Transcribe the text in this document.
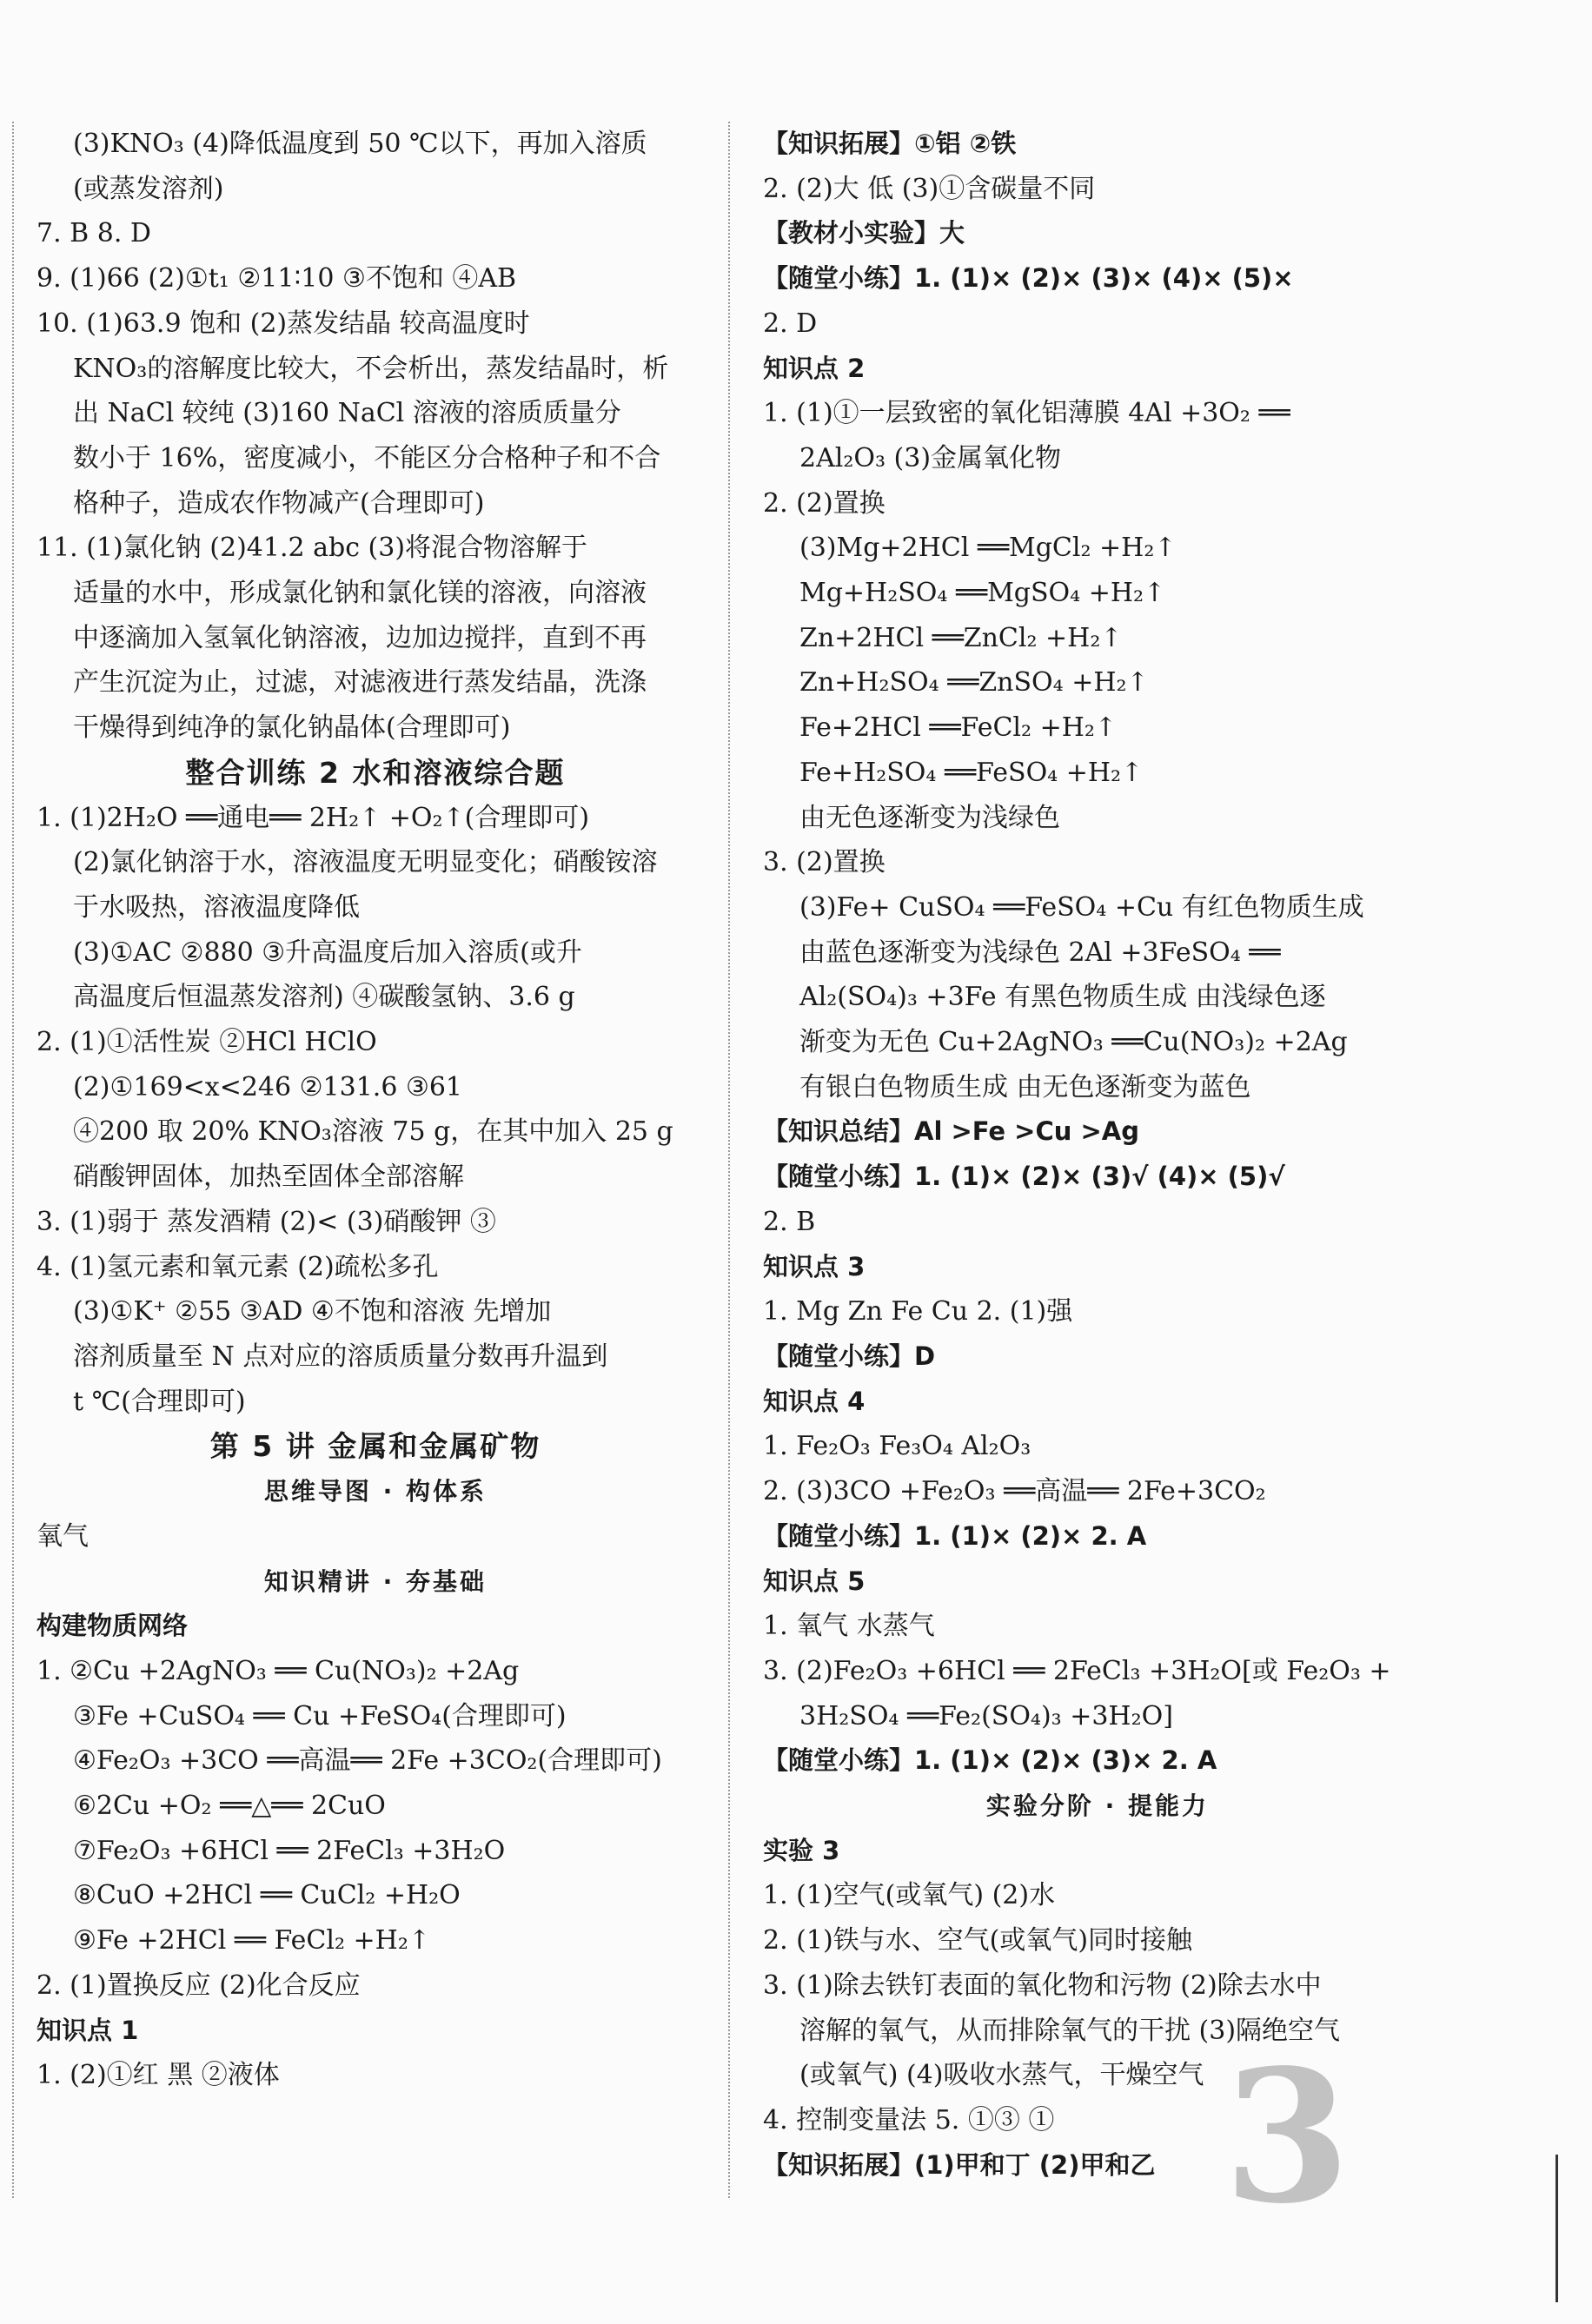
(3)KNO₃ (4)降低温度到 50 ℃以下，再加入溶质
(或蒸发溶剂)
7. B 8. D
9. (1)66 (2)①t₁ ②11∶10 ③不饱和 ④AB
10. (1)63.9 饱和 (2)蒸发结晶 较高温度时
KNO₃的溶解度比较大，不会析出，蒸发结晶时，析
出 NaCl 较纯 (3)160 NaCl 溶液的溶质质量分
数小于 16%，密度减小，不能区分合格种子和不合
格种子，造成农作物减产(合理即可)
11. (1)氯化钠 (2)41.2 abc (3)将混合物溶解于
适量的水中，形成氯化钠和氯化镁的溶液，向溶液
中逐滴加入氢氧化钠溶液，边加边搅拌，直到不再
产生沉淀为止，过滤，对滤液进行蒸发结晶，洗涤
干燥得到纯净的氯化钠晶体(合理即可)
整合训练 2 水和溶液综合题
1. (1)2H₂O ══通电══ 2H₂↑ +O₂↑(合理即可)
(2)氯化钠溶于水，溶液温度无明显变化；硝酸铵溶
于水吸热，溶液温度降低
(3)①AC ②880 ③升高温度后加入溶质(或升
高温度后恒温蒸发溶剂) ④碳酸氢钠、3.6 g
2. (1)①活性炭 ②HCl HClO
(2)①169<x<246 ②131.6 ③61
④200 取 20% KNO₃溶液 75 g，在其中加入 25 g
硝酸钾固体，加热至固体全部溶解
3. (1)弱于 蒸发酒精 (2)< (3)硝酸钾 ③
4. (1)氢元素和氧元素 (2)疏松多孔
(3)①K⁺ ②55 ③AD ④不饱和溶液 先增加
溶剂质量至 N 点对应的溶质质量分数再升温到
t ℃(合理即可)
第 5 讲 金属和金属矿物
思维导图 · 构体系
氧气
知识精讲 · 夯基础
构建物质网络
1. ②Cu +2AgNO₃ ══ Cu(NO₃)₂ +2Ag
③Fe +CuSO₄ ══ Cu +FeSO₄(合理即可)
④Fe₂O₃ +3CO ══高温══ 2Fe +3CO₂(合理即可)
⑥2Cu +O₂ ══△══ 2CuO
⑦Fe₂O₃ +6HCl ══ 2FeCl₃ +3H₂O
⑧CuO +2HCl ══ CuCl₂ +H₂O
⑨Fe +2HCl ══ FeCl₂ +H₂↑
2. (1)置换反应 (2)化合反应
知识点 1
1. (2)①红 黑 ②液体
【知识拓展】①铝 ②铁
2. (2)大 低 (3)①含碳量不同
【教材小实验】大
【随堂小练】1. (1)× (2)× (3)× (4)× (5)×
2. D
知识点 2
1. (1)①一层致密的氧化铝薄膜 4Al +3O₂ ══
2Al₂O₃ (3)金属氧化物
2. (2)置换
(3)Mg+2HCl ══MgCl₂ +H₂↑
Mg+H₂SO₄ ══MgSO₄ +H₂↑
Zn+2HCl ══ZnCl₂ +H₂↑
Zn+H₂SO₄ ══ZnSO₄ +H₂↑
Fe+2HCl ══FeCl₂ +H₂↑
Fe+H₂SO₄ ══FeSO₄ +H₂↑
由无色逐渐变为浅绿色
3. (2)置换
(3)Fe+ CuSO₄ ══FeSO₄ +Cu 有红色物质生成
由蓝色逐渐变为浅绿色 2Al +3FeSO₄ ══
Al₂(SO₄)₃ +3Fe 有黑色物质生成 由浅绿色逐
渐变为无色 Cu+2AgNO₃ ══Cu(NO₃)₂ +2Ag
有银白色物质生成 由无色逐渐变为蓝色
【知识总结】Al >Fe >Cu >Ag
【随堂小练】1. (1)× (2)× (3)√ (4)× (5)√
2. B
知识点 3
1. Mg Zn Fe Cu 2. (1)强
【随堂小练】D
知识点 4
1. Fe₂O₃ Fe₃O₄ Al₂O₃
2. (3)3CO +Fe₂O₃ ══高温══ 2Fe+3CO₂
【随堂小练】1. (1)× (2)× 2. A
知识点 5
1. 氧气 水蒸气
3. (2)Fe₂O₃ +6HCl ══ 2FeCl₃ +3H₂O[或 Fe₂O₃ +
3H₂SO₄ ══Fe₂(SO₄)₃ +3H₂O]
【随堂小练】1. (1)× (2)× (3)× 2. A
实验分阶 · 提能力
实验 3
1. (1)空气(或氧气) (2)水
2. (1)铁与水、空气(或氧气)同时接触
3. (1)除去铁钉表面的氧化物和污物 (2)除去水中
溶解的氧气，从而排除氧气的干扰 (3)隔绝空气
(或氧气) (4)吸收水蒸气，干燥空气
4. 控制变量法 5. ①③ ①
【知识拓展】(1)甲和丁 (2)甲和乙 3
